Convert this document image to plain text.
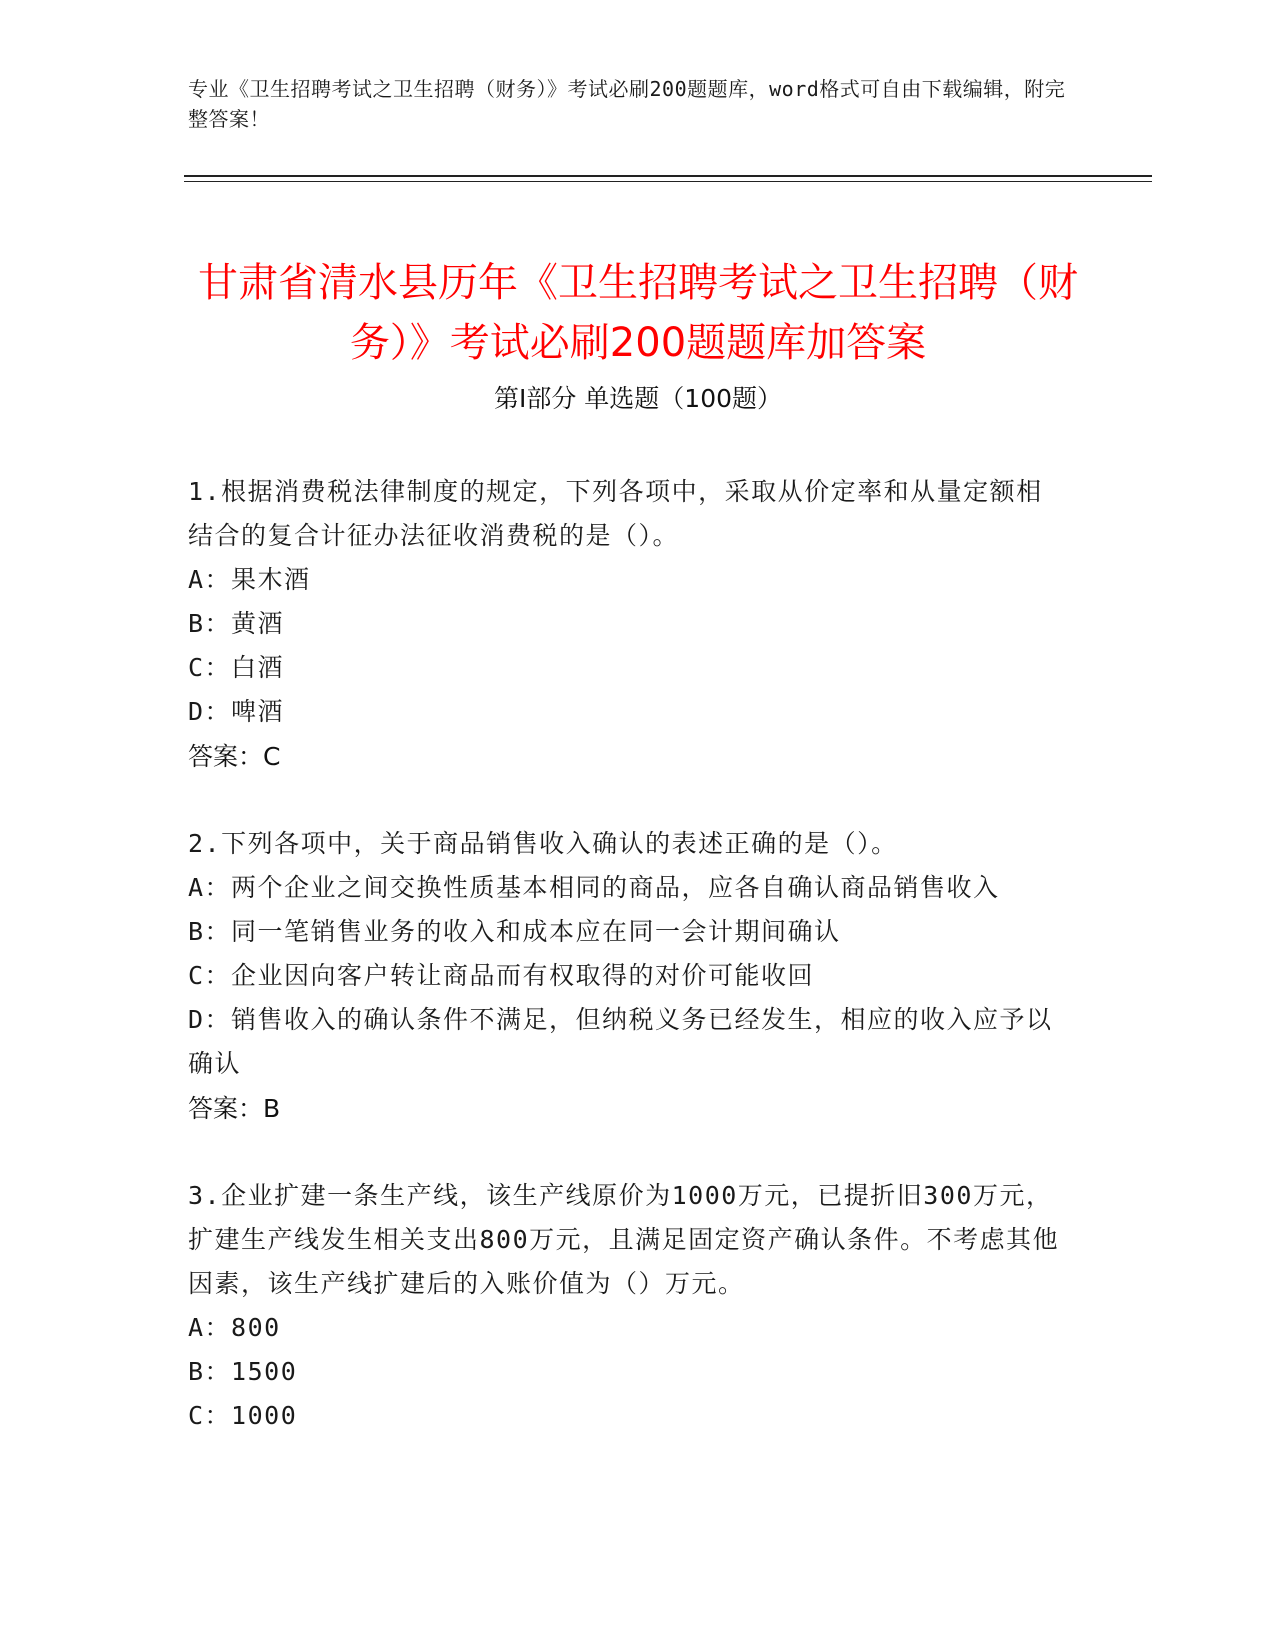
专业《卫生招聘考试之卫生招聘（财务）》考试必刷200题题库，word格式可自由下载编辑，附完整答案！
甘肃省清水县历年《卫生招聘考试之卫生招聘（财务）》考试必刷200题题库加答案
第Ⅰ部分 单选题（100题）

1.根据消费税法律制度的规定，下列各项中，采取从价定率和从量定额相结合的复合计征办法征收消费税的是（）。

A：果木酒

B：黄酒

C：白酒

D：啤酒

答案：C

2.下列各项中，关于商品销售收入确认的表述正确的是（）。

A：两个企业之间交换性质基本相同的商品，应各自确认商品销售收入

B：同一笔销售业务的收入和成本应在同一会计期间确认

C：企业因向客户转让商品而有权取得的对价可能收回

D：销售收入的确认条件不满足，但纳税义务已经发生，相应的收入应予以确认

答案：B

3.企业扩建一条生产线，该生产线原价为1000万元，已提折旧300万元，扩建生产线发生相关支出800万元，且满足固定资产确认条件。不考虑其他因素，该生产线扩建后的入账价值为（）万元。

A：800

B：1500

C：1000
